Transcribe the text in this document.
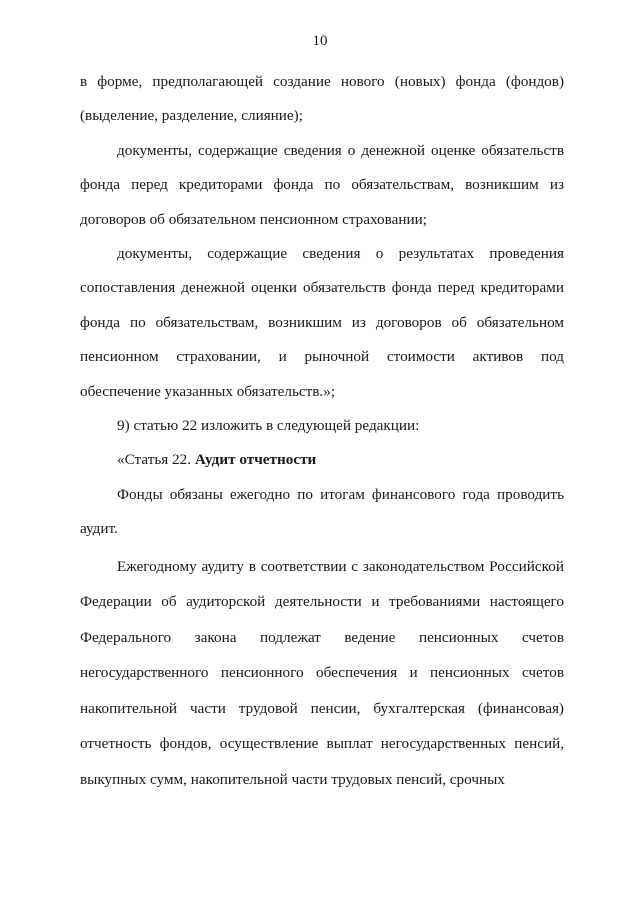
10

в форме, предполагающей создание нового (новых) фонда (фондов) (выделение, разделение, слияние);

документы, содержащие сведения о денежной оценке обязательств фонда перед кредиторами фонда по обязательствам, возникшим из договоров об обязательном пенсионном страховании;

документы, содержащие сведения о результатах проведения сопоставления денежной оценки обязательств фонда перед кредиторами фонда по обязательствам, возникшим из договоров об обязательном пенсионном страховании, и рыночной стоимости активов под обеспечение указанных обязательств.»;

9) статью 22 изложить в следующей редакции:

«Статья 22. Аудит отчетности

Фонды обязаны ежегодно по итогам финансового года проводить аудит.

Ежегодному аудиту в соответствии с законодательством Российской Федерации об аудиторской деятельности и требованиями настоящего Федерального закона подлежат ведение пенсионных счетов негосударственного пенсионного обеспечения и пенсионных счетов накопительной части трудовой пенсии, бухгалтерская (финансовая) отчетность фондов, осуществление выплат негосударственных пенсий, выкупных сумм, накопительной части трудовых пенсий, срочных
